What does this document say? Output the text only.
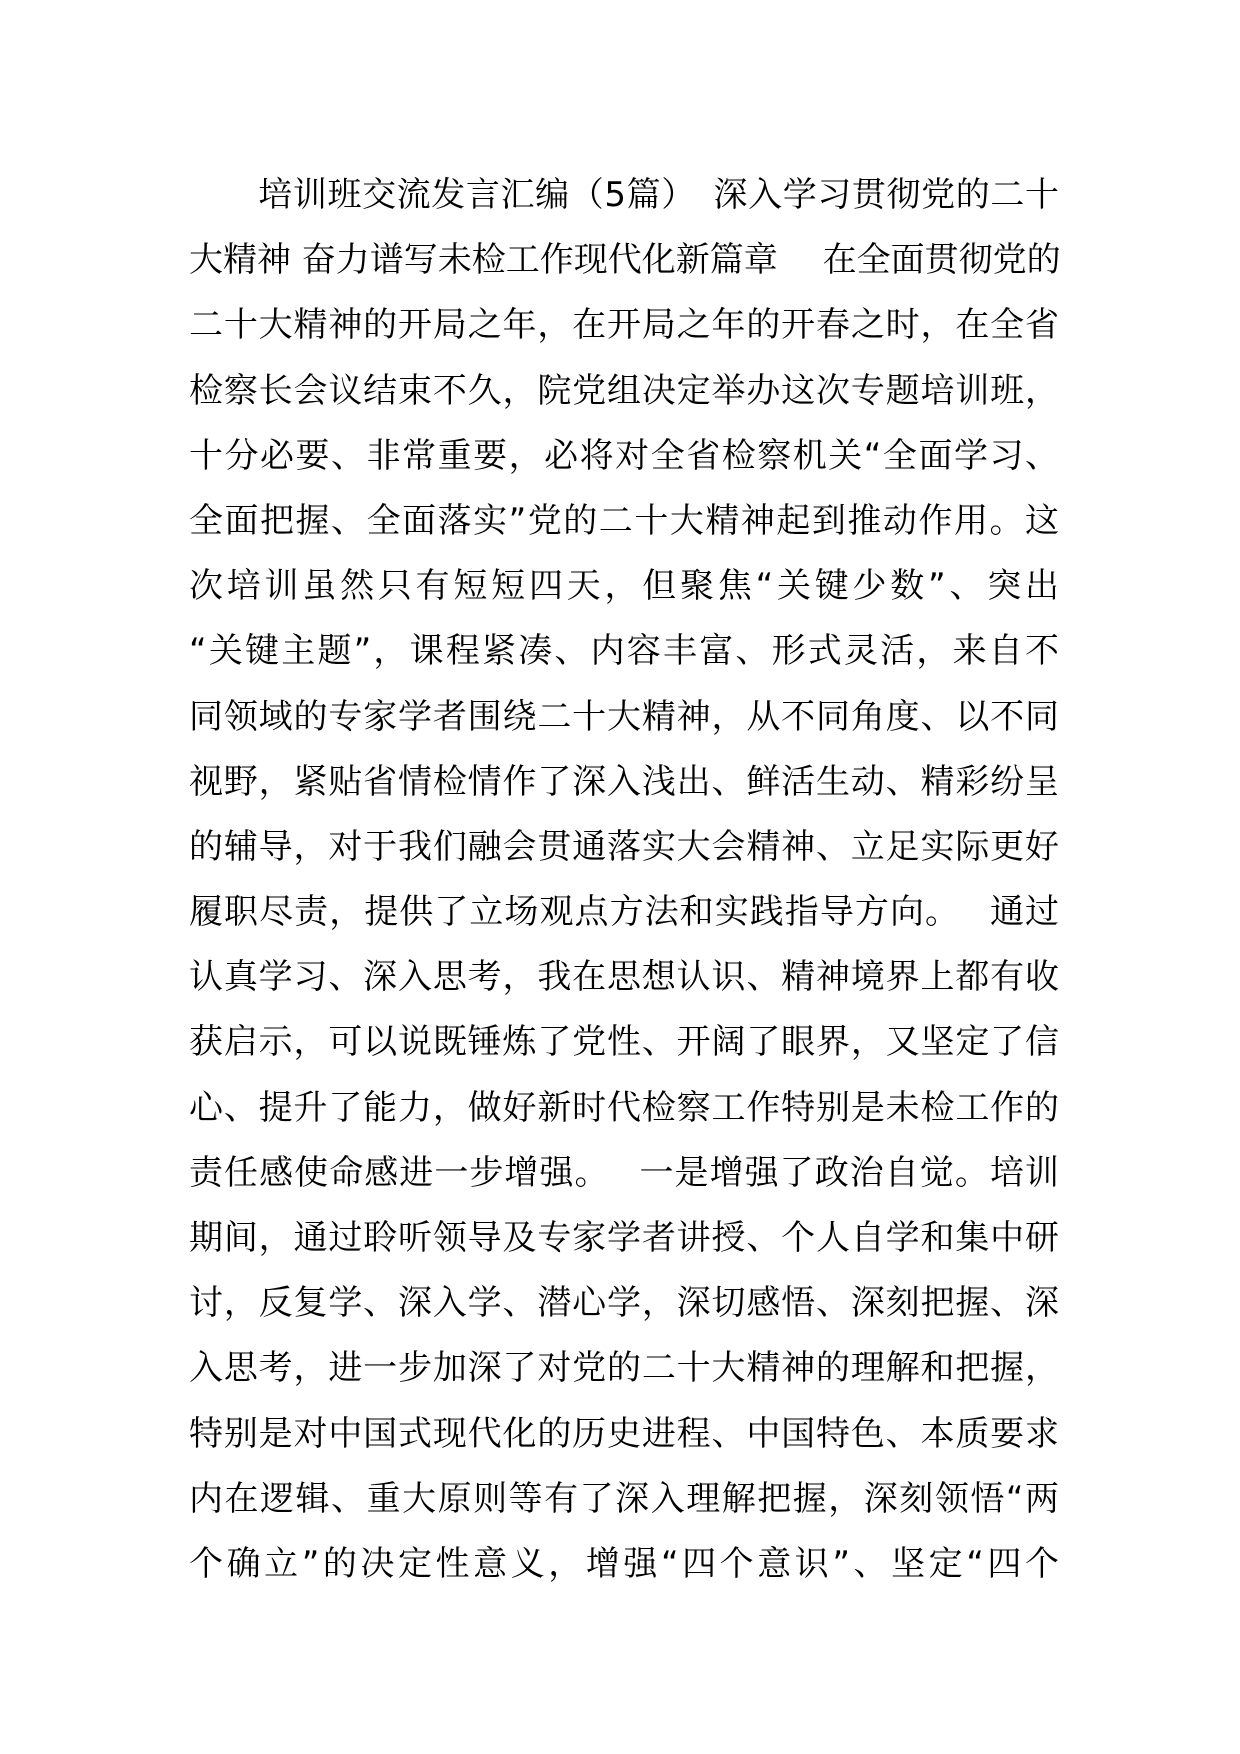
　　培训班交流发言汇编（5篇）　深入学习贯彻党的二十
大精神 奋力谱写未检工作现代化新篇章　 在全面贯彻党的
二十大精神的开局之年，在开局之年的开春之时，在全省
检察长会议结束不久，院党组决定举办这次专题培训班，
十分必要、非常重要，必将对全省检察机关“全面学习、
全面把握、全面落实”党的二十大精神起到推动作用。这
次培训虽然只有短短四天，但聚焦“关键少数”、突出
“关键主题”，课程紧凑、内容丰富、形式灵活，来自不
同领域的专家学者围绕二十大精神，从不同角度、以不同
视野，紧贴省情检情作了深入浅出、鲜活生动、精彩纷呈
的辅导，对于我们融会贯通落实大会精神、立足实际更好
履职尽责，提供了立场观点方法和实践指导方向。　 通过
认真学习、深入思考，我在思想认识、精神境界上都有收
获启示，可以说既锤炼了党性、开阔了眼界，又坚定了信
心、提升了能力，做好新时代检察工作特别是未检工作的
责任感使命感进一步增强。　 一是增强了政治自觉。培训
期间，通过聆听领导及专家学者讲授、个人自学和集中研
讨，反复学、深入学、潜心学，深切感悟、深刻把握、深
入思考，进一步加深了对党的二十大精神的理解和把握，
特别是对中国式现代化的历史进程、中国特色、本质要求
内在逻辑、重大原则等有了深入理解把握，深刻领悟“两
个确立”的决定性意义，增强“四个意识”、坚定“四个
